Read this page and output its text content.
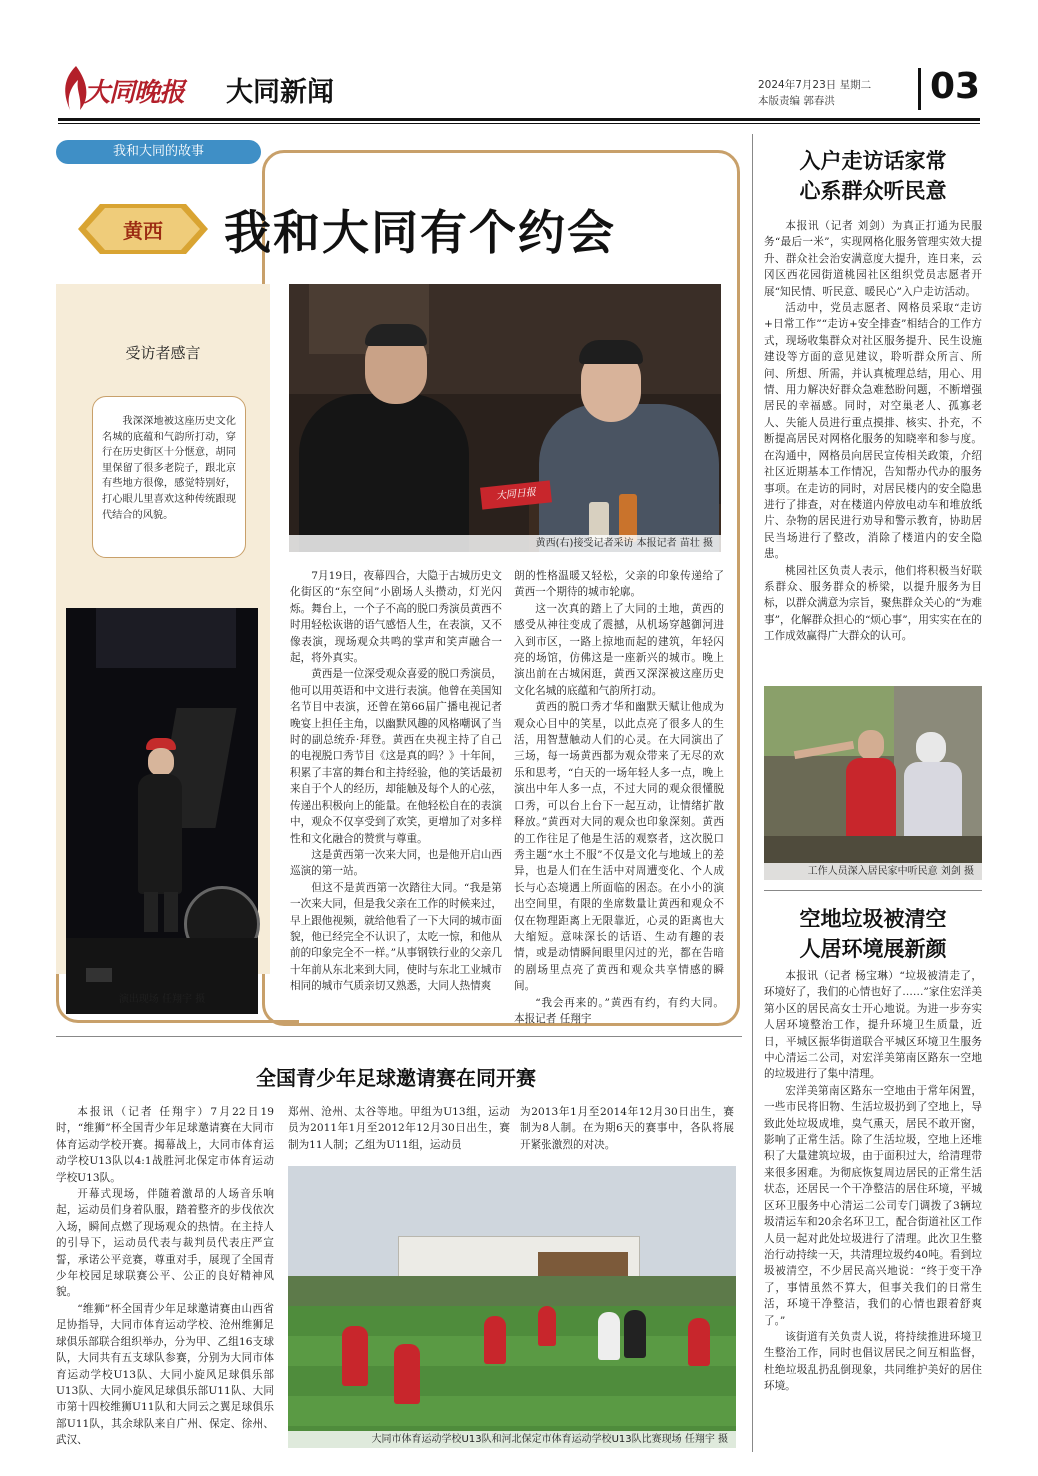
大同晚报 大同新闻	2024年7月23日 星期二
本版责编 郭春洪	03
我和大同的故事
黄西	我和大同有个约会
受访者感言
我深深地被这座历史文化名城的底蕴和气韵所打动，穿行在历史街区十分惬意，胡同里保留了很多老院子，跟北京有些地方很像，感觉特别好，打心眼儿里喜欢这种传统跟现代结合的风貌。
大同日报
黄西(右)接受记者采访 本报记者 苗壮 摄
演出现场 任翔宇 摄

7月19日，夜幕四合，大隐于古城历史文化街区的“东空间”小剧场人头攒动，灯光闪烁。舞台上，一个子不高的脱口秀演员黄西不时用轻松诙谐的语气感悟人生，在表演，又不像表演，现场观众共鸣的掌声和笑声融合一起，将外真实。

黄西是一位深受观众喜爱的脱口秀演员，他可以用英语和中文进行表演。他曾在美国知名节目中表演，还曾在第66届广播电视记者晚宴上担任主角，以幽默风趣的风格嘲讽了当时的副总统乔·拜登。黄西在央视主持了自己的电视脱口秀节目《这是真的吗？》十年间，积累了丰富的舞台和主持经验，他的笑话最初来自于个人的经历，却能触及每个人的心弦，传递出积极向上的能量。在他轻松自在的表演中，观众不仅享受到了欢笑，更增加了对多样性和文化融合的赞赏与尊重。

这是黄西第一次来大同，也是他开启山西巡演的第一站。

但这不是黄西第一次踏往大同。“我是第一次来大同，但是我父亲在工作的时候来过，早上跟他视频，就给他看了一下大同的城市面貌，他已经完全不认识了，太吃一惊，和他从前的印象完全不一样。”从事钢铁行业的父亲几十年前从东北来到大同，使时与东北工业城市相同的城市气质亲切又熟悉，大同人热情爽

朗的性格温暖又轻松，父亲的印象传递给了黄西一个期待的城市轮廓。

这一次真的踏上了大同的土地，黄西的感受从神往变成了震撼，从机场穿越御河进入到市区，一路上掠地而起的建筑，年轻闪亮的场馆，仿佛这是一座新兴的城市。晚上演出前在古城闲逛，黄西又深深被这座历史文化名城的底蕴和气韵所打动。

黄西的脱口秀才华和幽默天赋让他成为观众心目中的笑星，以此点亮了很多人的生活，用智慧触动人们的心灵。在大同演出了三场，每一场黄西都为观众带来了无尽的欢乐和思考，“白天的一场年轻人多一点，晚上演出中年人多一点，不过大同的观众很懂脱口秀，可以台上台下一起互动，让情绪扩散释放。”黄西对大同的观众也印象深刻。黄西的工作往足了他是生活的观察者，这次脱口秀主题“水土不服”不仅是文化与地域上的差异，也是人们在生活中对周遭变化、个人成长与心态境遇上所面临的困态。在小小的演出空间里，有限的坐席数量让黄西和观众不仅在物理距离上无限靠近，心灵的距离也大大缩短。意味深长的话语、生动有趣的表情，或是动情瞬间眼里闪过的光，都在告暗的剧场里点亮了黄西和观众共享情感的瞬间。

“我会再来的。”黄西有约，有约大同。 本报记者 任翔宇

入户走访话家常
心系群众听民意

本报讯（记者 刘剑）为真正打通为民服务“最后一米”，实现网格化服务管理实效大提升、群众社会治安满意度大提升，连日来，云冈区西花园街道桃园社区组织党员志愿者开展“知民情、听民意、暖民心”入户走访活动。

活动中，党员志愿者、网格员采取“走访+日常工作”“走访+安全排查”相结合的工作方式，现场收集群众对社区服务提升、民生设施建设等方面的意见建议，聆听群众所言、所问、所想、所需，并认真梳理总结，用心、用情、用力解决好群众急难愁盼问题，不断增强居民的幸福感。同时，对空巢老人、孤寡老人、失能人员进行重点摸排、核实、扑充，不断提高居民对网格化服务的知晓率和参与度。在沟通中，网格员向居民宣传相关政策，介绍社区近期基本工作情况，告知帮办代办的服务事项。在走访的同时，对居民楼内的安全隐患进行了排查，对在楼道内停放电动车和堆放纸片、杂物的居民进行劝导和警示教育，协助居民当场进行了整改，消除了楼道内的安全隐患。

桃园社区负责人表示，他们将积极当好联系群众、服务群众的桥梁，以提升服务为目标，以群众满意为宗旨，聚焦群众关心的“为难事”，化解群众担心的“烦心事”，用实实在在的工作成效赢得广大群众的认可。

工作人员深入居民家中听民意 刘剑 摄
空地垃圾被清空
人居环境展新颜

本报讯（记者 杨宝琳）“垃圾被清走了，环境好了，我们的心情也好了……”家住宏洋美第小区的居民高女士开心地说。为进一步夯实人居环境整治工作，提升环境卫生质量，近日，平城区振华街道联合平城区环境卫生服务中心清运二公司，对宏洋美第南区路东一空地的垃圾进行了集中清理。

宏洋美第南区路东一空地由于常年闲置，一些市民将旧物、生活垃圾扔到了空地上，导致此处垃圾成堆，臭气熏天，居民不敢开窗，影响了正常生活。除了生活垃圾，空地上还堆积了大量建筑垃圾，由于面积过大，给清理带来很多困难。为彻底恢复周边居民的正常生活状态，还居民一个干净整洁的居住环境，平城区环卫服务中心清运二公司专门调拨了3辆垃圾清运车和20余名环卫工，配合街道社区工作人员一起对此处垃圾进行了清理。此次卫生整治行动持续一天，共清理垃圾约40吨。看到垃圾被清空，不少居民高兴地说：“终于变干净了，事情虽然不算大，但事关我们的日常生活，环境干净整洁，我们的心情也跟着舒爽了。”

该街道有关负责人说，将持续推进环境卫生整治工作，同时也倡议居民之间互相监督，杜绝垃圾乱扔乱倒现象，共同维护美好的居住环境。

全国青少年足球邀请赛在同开赛

本报讯（记者 任翔宇）7月22日19时，“维狮”杯全国青少年足球邀请赛在大同市体育运动学校开赛。揭幕战上，大同市体育运动学校U13队以4:1战胜河北保定市体育运动学校U13队。

开幕式现场，伴随着激昂的人场音乐响起，运动员们身着队服，踏着整齐的步伐依次入场，瞬间点燃了现场观众的热情。在主持人的引导下，运动员代表与裁判员代表庄严宣誓，承诺公平竞赛，尊重对手，展现了全国青少年校园足球联赛公平、公正的良好精神风貌。

“维狮”杯全国青少年足球邀请赛由山西省足协指导，大同市体育运动学校、沧州维狮足球俱乐部联合组织举办，分为甲、乙组16支球队，大同共有五支球队参赛，分别为大同市体育运动学校U13队、大同小旋风足球俱乐部U13队、大同小旋风足球俱乐部U11队、大同市第十四校维狮U11队和大同云之翼足球俱乐部U11队，其余球队来自广州、保定、徐州、武汉、

郑州、沧州、太谷等地。甲组为U13组，运动员为2011年1月至2012年12月30日出生，赛制为11人制；乙组为U11组，运动员

为2013年1月至2014年12月30日出生，赛制为8人制。在为期6天的赛事中，各队将展开紧张激烈的对决。

大同市体育运动学校U13队和河北保定市体育运动学校U13队比赛现场 任翔宇 摄
